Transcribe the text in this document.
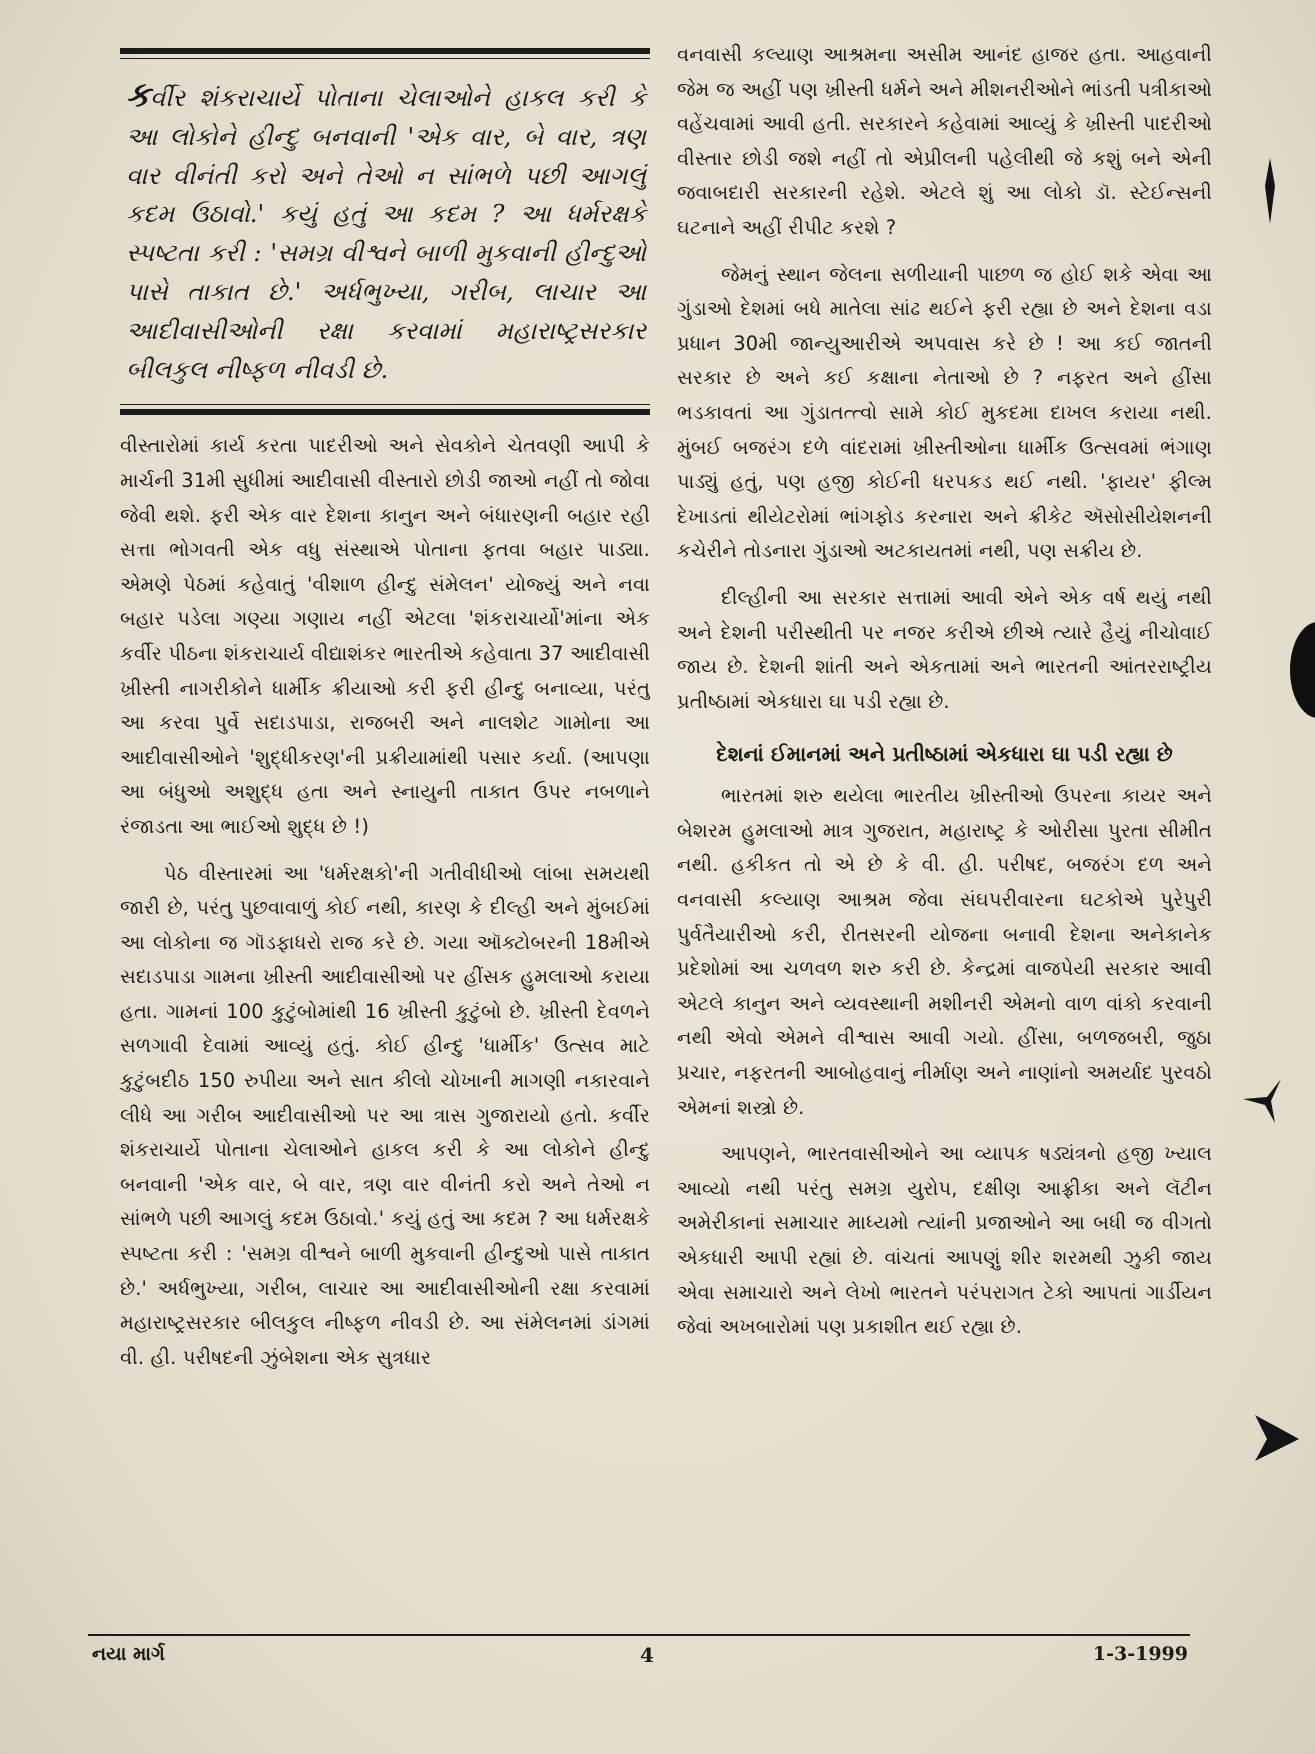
કર્વીર શંકરાચાર્યે પોતાના ચેલાઓને હાકલ કરી કે આ લોકોને હીન્દુ બનવાની 'એક વાર, બે વાર, ત્રણ વાર વીનંતી કરો અને તેઓ ન સાંભળે પછી આગલું કદમ ઉઠાવો.' કયું હતું આ કદમ ? આ ધર્મરક્ષકે સ્પષ્ટતા કરી : 'સમગ્ર વીશ્વને બાળી મુકવાની હીન્દુઓ પાસે તાકાત છે.' અર્ધભુખ્યા, ગરીબ, લાચાર આ આદીવાસીઓની રક્ષા કરવામાં મહારાષ્ટ્રસરકાર બીલકુલ નીષ્ફળ નીવડી છે.

વીસ્તારોમાં કાર્ય કરતા પાદરીઓ અને સેવકોને ચેતવણી આપી કે માર્ચની 31મી સુધીમાં આદીવાસી વીસ્તારો છોડી જાઓ નહીં તો જોવા જેવી થશે. ફરી એક વાર દેશના કાનુન અને બંધારણની બહાર રહી સત્તા ભોગવતી એક વધુ સંસ્થાએ પોતાના ફતવા બહાર પાડ્યા. એમણે પેઠમાં કહેવાતું 'વીશાળ હીન્દુ સંમેલન' યોજ્યું અને નવા બહાર પડેલા ગણ્યા ગણાય નહીં એટલા 'શંકરાચાર્યો'માંના એક કર્વીર પીઠના શંકરાચાર્ય વીદ્યાશંકર ભારતીએ કહેવાતા 37 આદીવાસી ખ્રીસ્તી નાગરીકોને ધાર્મીક ક્રીયાઓ કરી ફરી હીન્દુ બનાવ્યા, પરંતુ આ કરવા પુર્વે સદાડપાડા, રાજબરી અને નાલશેટ ગામોના આ આદીવાસીઓને 'શુદ્ધીકરણ'ની પ્રક્રીયામાંથી પસાર કર્યા. (આપણા આ બંધુઓ અશુદ્ધ હતા અને સ્નાયુની તાકાત ઉપર નબળાને રંજાડતા આ ભાઈઓ શુદ્ધ છે !)

પેઠ વીસ્તારમાં આ 'ધર્મરક્ષકો'ની ગતીવીધીઓ લાંબા સમયથી જારી છે, પરંતુ પુછવાવાળું કોઈ નથી, કારણ કે દીલ્હી અને મુંબઈમાં આ લોકોના જ ગૉડફાધરો રાજ કરે છે. ગયા ઑક્ટોબરની 18મીએ સદાડપાડા ગામના ખ્રીસ્તી આદીવાસીઓ પર હીંસક હુમલાઓ કરાયા હતા. ગામનાં 100 કુટુંબોમાંથી 16 ખ્રીસ્તી કુટુંબો છે. ખ્રીસ્તી દેવળને સળગાવી દેવામાં આવ્યું હતું. કોઈ હીન્દુ 'ધાર્મીક' ઉત્સવ માટે કુટુંબદીઠ 150 રુપીયા અને સાત કીલો ચોખાની માગણી નકારવાને લીધે આ ગરીબ આદીવાસીઓ પર આ ત્રાસ ગુજારાયો હતો. કર્વીર શંકરાચાર્યે પોતાના ચેલાઓને હાકલ કરી કે આ લોકોને હીન્દુ બનવાની 'એક વાર, બે વાર, ત્રણ વાર વીનંતી કરો અને તેઓ ન સાંભળે પછી આગલું કદમ ઉઠાવો.' કયું હતું આ કદમ ? આ ધર્મરક્ષકે સ્પષ્ટતા કરી : 'સમગ્ર વીશ્વને બાળી મુકવાની હીન્દુઓ પાસે તાકાત છે.' અર્ધભુખ્યા, ગરીબ, લાચાર આ આદીવાસીઓની રક્ષા કરવામાં મહારાષ્ટ્રસરકાર બીલકુલ નીષ્ફળ નીવડી છે. આ સંમેલનમાં ડાંગમાં વી. હી. પરીષદની ઝુંબેશના એક સુત્રધાર

વનવાસી કલ્યાણ આશ્રમના અસીમ આનંદ હાજર હતા. આહવાની જેમ જ અહીં પણ ખ્રીસ્તી ધર્મને અને મીશનરીઓને ભાંડતી પત્રીકાઓ વહેંચવામાં આવી હતી. સરકારને કહેવામાં આવ્યું કે ખ્રીસ્તી પાદરીઓ વીસ્તાર છોડી જશે નહીં તો એપ્રીલની પહેલીથી જે કશું બને એની જવાબદારી સરકારની રહેશે. એટલે શું આ લોકો ડૉ. સ્ટેઈન્સની ઘટનાને અહીં રીપીટ કરશે ?

જેમનું સ્થાન જેલના સળીયાની પાછળ જ હોઈ શકે એવા આ ગુંડાઓ દેશમાં બધે માતેલા સાંઢ થઈને ફરી રહ્યા છે અને દેશના વડા પ્રધાન 30મી જાન્યુઆરીએ અપવાસ કરે છે ! આ કઈ જાતની સરકાર છે અને કઈ કક્ષાના નેતાઓ છે ? નફરત અને હીંસા ભડકાવતાં આ ગુંડાતત્ત્વો સામે કોઈ મુકદમા દાખલ કરાયા નથી. મુંબઈ બજરંગ દળે વાંદરામાં ખ્રીસ્તીઓના ધાર્મીક ઉત્સવમાં ભંગાણ પાડ્યું હતું, પણ હજી કોઈની ધરપકડ થઈ નથી. 'ફાયર' ફીલ્મ દેખાડતાં થીયેટરોમાં ભાંગફોડ કરનારા અને ક્રીકેટ ઍસોસીયેશનની કચેરીને તોડનારા ગુંડાઓ અટકાયતમાં નથી, પણ સક્રીય છે.

દીલ્હીની આ સરકાર સત્તામાં આવી એને એક વર્ષ થયું નથી અને દેશની પરીસ્થીતી પર નજર કરીએ છીએ ત્યારે હૈયું નીચોવાઈ જાય છે. દેશની શાંતી અને એકતામાં અને ભારતની આંતરરાષ્ટ્રીય પ્રતીષ્ઠામાં એકધારા ઘા પડી રહ્યા છે.

દેશનાં ઈમાનમાં અને પ્રતીષ્ઠામાં એકધારા ઘા પડી રહ્યા છે

ભારતમાં શરુ થયેલા ભારતીય ખ્રીસ્તીઓ ઉપરના કાયર અને બેશરમ હુમલાઓ માત્ર ગુજરાત, મહારાષ્ટ્ર કે ઓરીસા પુરતા સીમીત નથી. હકીકત તો એ છે કે વી. હી. પરીષદ, બજરંગ દળ અને વનવાસી કલ્યાણ આશ્રમ જેવા સંઘપરીવારના ઘટકોએ પુરેપુરી પુર્વતૈયારીઓ કરી, રીતસરની યોજના બનાવી દેશના અનેકાનેક પ્રદેશોમાં આ ચળવળ શરુ કરી છે. કેન્દ્રમાં વાજપેયી સરકાર આવી એટલે કાનુન અને વ્યવસ્થાની મશીનરી એમનો વાળ વાંકો કરવાની નથી એવો એમને વીશ્વાસ આવી ગયો. હીંસા, બળજબરી, જુઠા પ્રચાર, નફરતની આબોહવાનું નીર્માણ અને નાણાંનો અમર્યાદ પુરવઠો એમનાં શસ્ત્રો છે.

આપણને, ભારતવાસીઓને આ વ્યાપક ષડ્યંત્રનો હજી ખ્યાલ આવ્યો નથી પરંતુ સમગ્ર યુરોપ, દક્ષીણ આફ્રીકા અને લૅટીન અમેરીકાનાં સમાચાર માધ્યમો ત્યાંની પ્રજાઓને આ બધી જ વીગતો એકધારી આપી રહ્યાં છે. વાંચતાં આપણું શીર શરમથી ઝુકી જાય એવા સમાચારો અને લેખો ભારતને પરંપરાગત ટેકો આપતાં ગાર્ડીયન જેવાં અખબારોમાં પણ પ્રકાશીત થઈ રહ્યા છે.

નયા માર્ગ	4	1-3-1999
